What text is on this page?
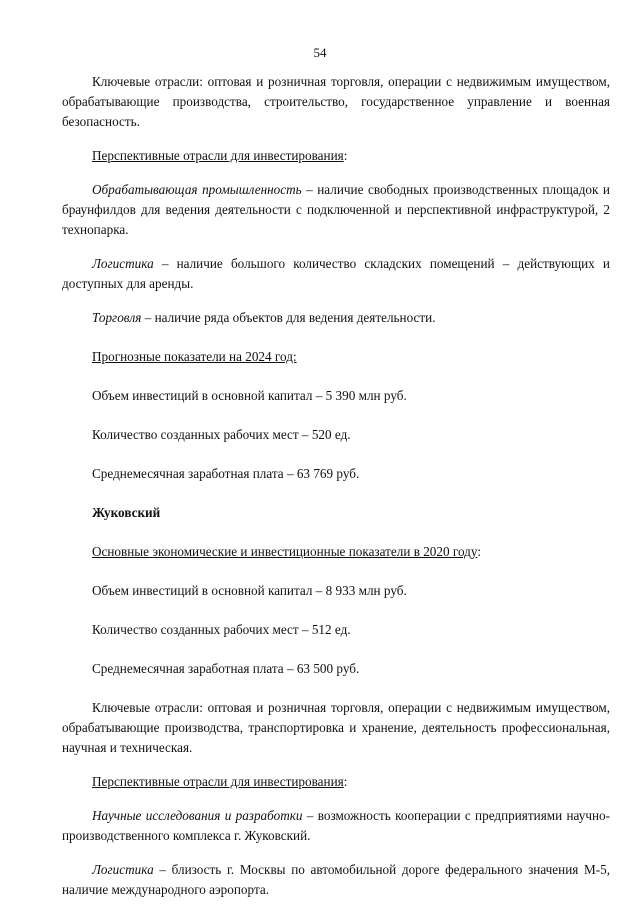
54

Ключевые отрасли: оптовая и розничная торговля, операции с недвижимым имуществом, обрабатывающие производства, строительство, государственное управление и военная безопасность.

Перспективные отрасли для инвестирования:

Обрабатывающая промышленность – наличие свободных производственных площадок и браунфилдов для ведения деятельности с подключенной и перспективной инфраструктурой, 2 технопарка.

Логистика – наличие большого количество складских помещений – действующих и доступных для аренды.

Торговля – наличие ряда объектов для ведения деятельности.

Прогнозные показатели на 2024 год:

Объем инвестиций в основной капитал – 5 390 млн руб.

Количество созданных рабочих мест – 520 ед.

Среднемесячная заработная плата – 63 769 руб.

Жуковский

Основные экономические и инвестиционные показатели в 2020 году:

Объем инвестиций в основной капитал – 8 933 млн руб.

Количество созданных рабочих мест – 512 ед.

Среднемесячная заработная плата – 63 500 руб.

Ключевые отрасли: оптовая и розничная торговля, операции с недвижимым имуществом, обрабатывающие производства, транспортировка и хранение, деятельность профессиональная, научная и техническая.

Перспективные отрасли для инвестирования:

Научные исследования и разработки – возможность кооперации с предприятиями научно-производственного комплекса г. Жуковский.

Логистика – близость г. Москвы по автомобильной дороге федерального значения М-5, наличие международного аэропорта.
